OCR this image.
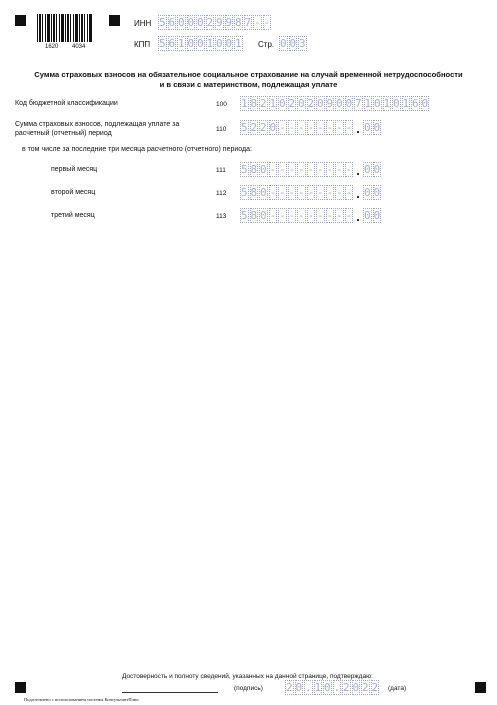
1620 4034
ИНН 5 6 0 0 0 2 9 9 8 7 - -
КПП 5 6 1 0 0 1 0 0 1 Стр. 0 0 3
Сумма страховых взносов на обязательное социальное страхование на случай временной нетрудоспособности
и в связи с материнством, подлежащая уплате
Код бюджетной классификации	100 1 8 2 1 0 2 0 2 0 9 0 0 7 1 0 1 0 1 6 0
Сумма страховых взносов, подлежащая уплате за
расчетный (отчетный) период
110 5 2 2 0 - - - - - - - - . 0 0
в том числе за последние три месяца расчетного (отчетного) периода:
первый месяц	111 5 8 0 - - - - - - - - - . 0 0
второй месяц	112 5 8 0 - - - - - - - - - . 0 0
третий месяц	113 5 8 0 - - - - - - - - - . 0 0
Достоверность и полноту сведений, указанных на данной странице, подтверждаю:
(подпись) 2 0 . 1 0 . 2 0 2 2 (дата)
Подготовлено с использованием системы КонсультантПлюс
